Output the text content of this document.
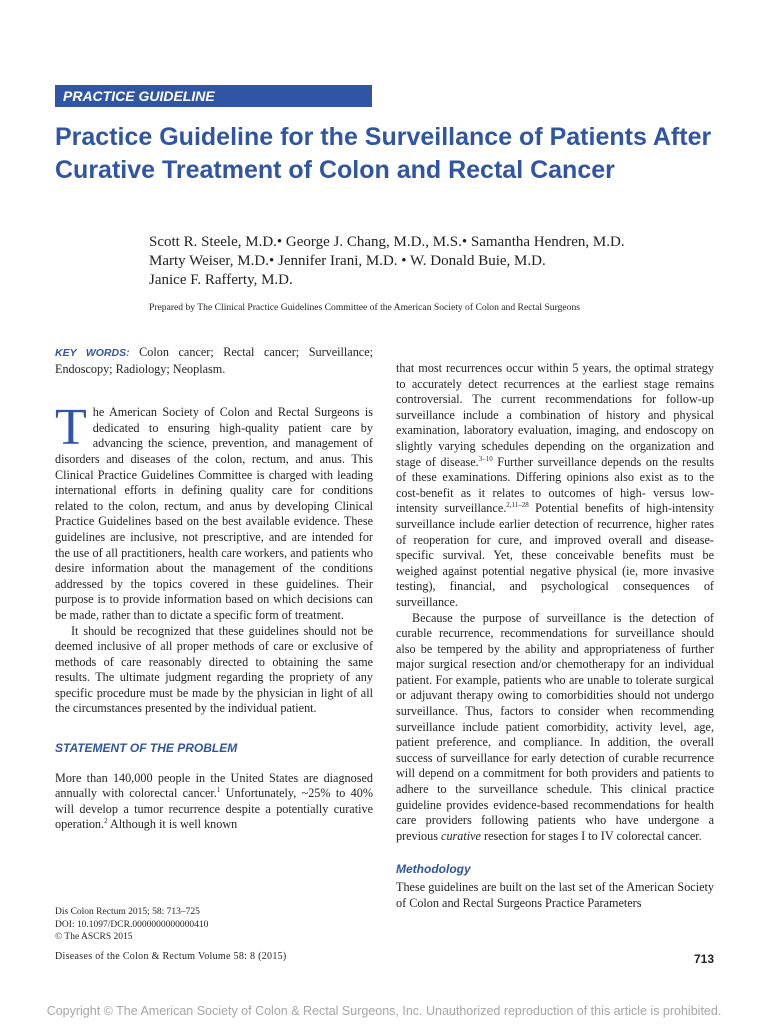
PRACTICE GUIDELINE
Practice Guideline for the Surveillance of Patients After Curative Treatment of Colon and Rectal Cancer
Scott R. Steele, M.D.• George J. Chang, M.D., M.S.• Samantha Hendren, M.D.
Marty Weiser, M.D.• Jennifer Irani, M.D. • W. Donald Buie, M.D.
Janice F. Rafferty, M.D.
Prepared by The Clinical Practice Guidelines Committee of the American Society of Colon and Rectal Surgeons

KEY WORDS: Colon cancer; Rectal cancer; Surveillance; Endoscopy; Radiology; Neoplasm.

The American Society of Colon and Rectal Surgeons is dedicated to ensuring high-quality patient care by advancing the science, prevention, and management of disorders and diseases of the colon, rectum, and anus. This Clinical Practice Guidelines Committee is charged with leading international efforts in defining quality care for conditions related to the colon, rectum, and anus by developing Clinical Practice Guidelines based on the best available evidence. These guidelines are inclusive, not prescriptive, and are intended for the use of all practitioners, health care workers, and patients who desire information about the management of the conditions addressed by the topics covered in these guidelines. Their purpose is to provide information based on which decisions can be made, rather than to dictate a specific form of treatment.

It should be recognized that these guidelines should not be deemed inclusive of all proper methods of care or exclusive of methods of care reasonably directed to obtaining the same results. The ultimate judgment regarding the propriety of any specific procedure must be made by the physician in light of all the circumstances presented by the individual patient.

STATEMENT OF THE PROBLEM

More than 140,000 people in the United States are diagnosed annually with colorectal cancer.$^1$ Unfortunately, ~25% to 40% will develop a tumor recurrence despite a potentially curative operation.$^2$ Although it is well known

that most recurrences occur within 5 years, the optimal strategy to accurately detect recurrences at the earliest stage remains controversial. The current recommendations for follow-up surveillance include a combination of history and physical examination, laboratory evaluation, imaging, and endoscopy on slightly varying schedules depending on the organization and stage of disease.$^{3-10}$ Further surveillance depends on the results of these examinations. Differing opinions also exist as to the cost-benefit as it relates to outcomes of high- versus low-intensity surveillance.$^{2,11-28}$ Potential benefits of high-intensity surveillance include earlier detection of recurrence, higher rates of reoperation for cure, and improved overall and disease-specific survival. Yet, these conceivable benefits must be weighed against potential negative physical (ie, more invasive testing), financial, and psychological consequences of surveillance.

Because the purpose of surveillance is the detection of curable recurrence, recommendations for surveillance should also be tempered by the ability and appropriateness of further major surgical resection and/or chemotherapy for an individual patient. For example, patients who are unable to tolerate surgical or adjuvant therapy owing to comorbidities should not undergo surveillance. Thus, factors to consider when recommending surveillance include patient comorbidity, activity level, age, patient preference, and compliance. In addition, the overall success of surveillance for early detection of curable recurrence will depend on a commitment for both providers and patients to adhere to the surveillance schedule. This clinical practice guideline provides evidence-based recommendations for health care providers following patients who have undergone a previous curative resection for stages I to IV colorectal cancer.

Methodology

These guidelines are built on the last set of the American Society of Colon and Rectal Surgeons Practice Parameters

Dis Colon Rectum 2015; 58: 713–725
DOI: 10.1097/DCR.0000000000000410
© The ASCRS 2015
Diseases of the Colon & Rectum Volume 58: 8 (2015)	713
Copyright © The American Society of Colon & Rectal Surgeons, Inc. Unauthorized reproduction of this article is prohibited.
